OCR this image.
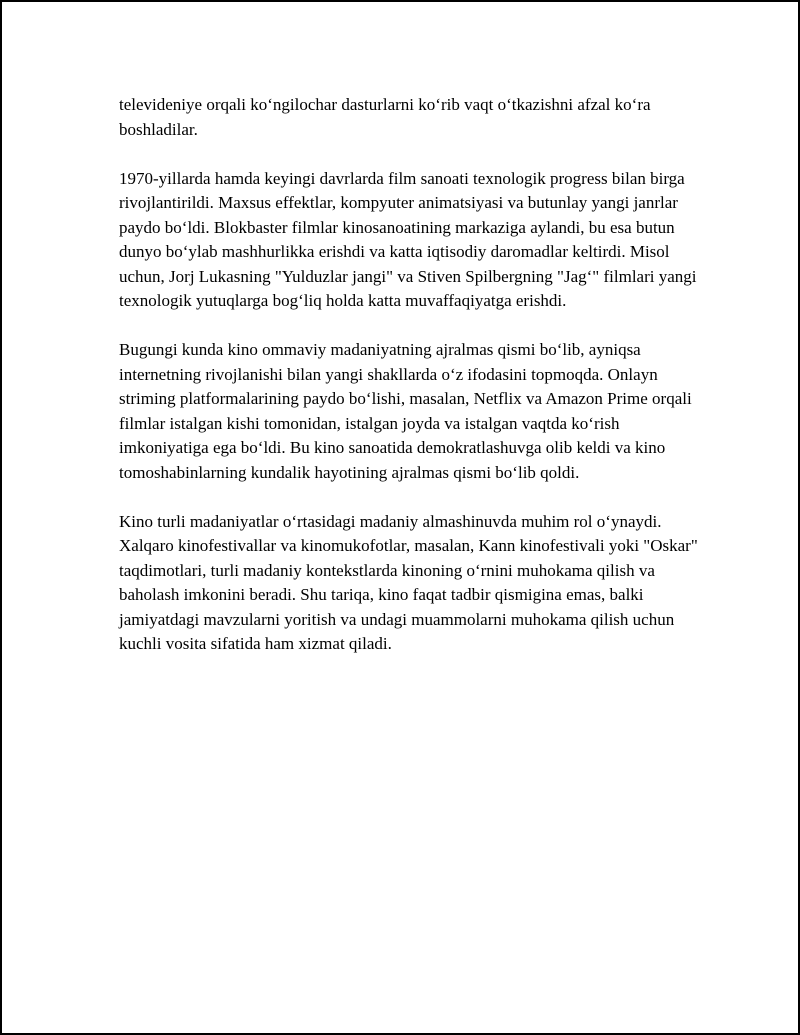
televideniye orqali koʻngilochar dasturlarni koʻrib vaqt oʻtkazishni afzal koʻra boshladilar.

1970-yillarda hamda keyingi davrlarda film sanoati texnologik progress bilan birga rivojlantirildi. Maxsus effektlar, kompyuter animatsiyasi va butunlay yangi janrlar paydo boʻldi. Blokbaster filmlar kinosanoatining markaziga aylandi, bu esa butun dunyo boʻylab mashhurlikka erishdi va katta iqtisodiy daromadlar keltirdi. Misol uchun, Jorj Lukasning "Yulduzlar jangi" va Stiven Spilbergning "Jagʻ" filmlari yangi texnologik yutuqlarga bogʻliq holda katta muvaffaqiyatga erishdi.

Bugungi kunda kino ommaviy madaniyatning ajralmas qismi boʻlib, ayniqsa internetning rivojlanishi bilan yangi shakllarda oʻz ifodasini topmoqda. Onlayn striming platformalarining paydo boʻlishi, masalan, Netflix va Amazon Prime orqali filmlar istalgan kishi tomonidan, istalgan joyda va istalgan vaqtda koʻrish imkoniyatiga ega boʻldi. Bu kino sanoatida demokratlashuvga olib keldi va kino tomoshabinlarning kundalik hayotining ajralmas qismi boʻlib qoldi.

Kino turli madaniyatlar oʻrtasidagi madaniy almashinuvda muhim rol oʻynaydi. Xalqaro kinofestivallar va kinomukofotlar, masalan, Kann kinofestivali yoki "Oskar" taqdimotlari, turli madaniy kontekstlarda kinoning oʻrnini muhokama qilish va baholash imkonini beradi. Shu tariqa, kino faqat tadbir qismigina emas, balki jamiyatdagi mavzularni yoritish va undagi muammolarni muhokama qilish uchun kuchli vosita sifatida ham xizmat qiladi.
